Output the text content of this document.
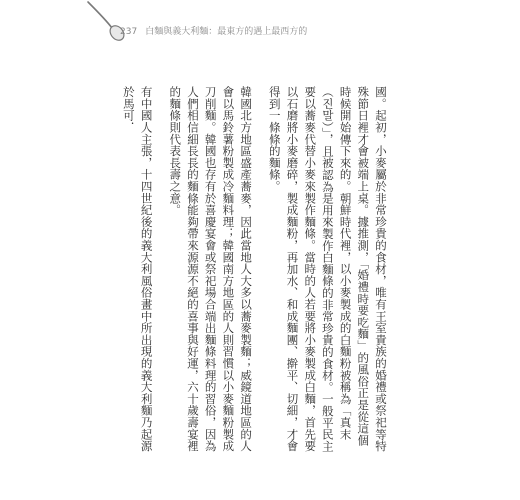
237 白麵與義大利麵：最東方的遇上最西方的

國。起初，小麥屬於非常珍貴的食材，唯有王室貴族的婚禮或祭祀等特殊節日裡才會被端上桌。據推測，「婚禮時要吃麵」的風俗正是從這個時候開始傳下來的。朝鮮時代裡，以小麥製成的白麵粉被稱為「真末（진말）」，且被認為是用來製作白麵條的非常珍貴的食材。一般平民主要以蕎麥代替小麥來製作麵條。當時的人若要將小麥製成白麵，首先要以石磨將小麥磨碎，製成麵粉，再加水、和成麵團、擀平、切細，才會得到一條條的麵條。

韓國北方地區盛產蕎麥，因此當地人大多以蕎麥製麵；威鏡道地區的人會以馬鈴薯粉製成冷麵料理；韓國南方地區的人則習慣以小麥麵粉製成刀削麵。韓國也存有於喜慶宴會或祭祀場合端出麵條料理的習俗，因為人們相信細長長的麵條能夠帶來源源不絕的喜事與好運，六十歲壽宴裡的麵條則代表長壽之意。

有中國人主張，十四世紀後的義大利風俗畫中所出現的義大利麵乃起源於馬可．
